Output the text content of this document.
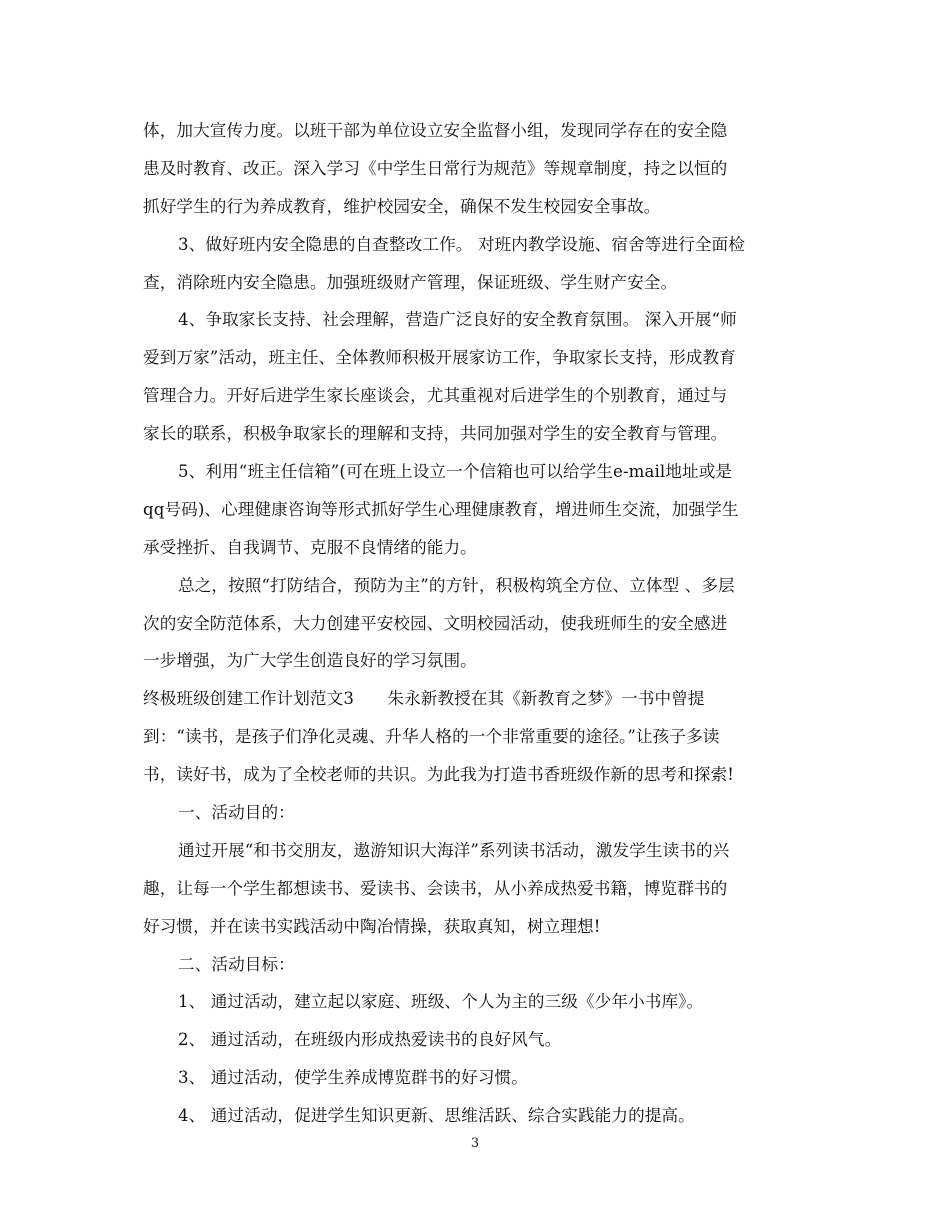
体，加大宣传力度。以班干部为单位设立安全监督小组，发现同学存在的安全隐
患及时教育、改正。深入学习《中学生日常行为规范》等规章制度，持之以恒的
抓好学生的行为养成教育，维护校园安全，确保不发生校园安全事故。
3、做好班内安全隐患的自查整改工作。 对班内教学设施、宿舍等进行全面检
查，消除班内安全隐患。加强班级财产管理，保证班级、学生财产安全。
4、争取家长支持、社会理解，营造广泛良好的安全教育氛围。 深入开展“师
爱到万家”活动，班主任、全体教师积极开展家访工作，争取家长支持，形成教育
管理合力。开好后进学生家长座谈会，尤其重视对后进学生的个别教育，通过与
家长的联系，积极争取家长的理解和支持，共同加强对学生的安全教育与管理。
5、利用“班主任信箱”(可在班上设立一个信箱也可以给学生e-mail地址或是
qq号码)、心理健康咨询等形式抓好学生心理健康教育，增进师生交流，加强学生
承受挫折、自我调节、克服不良情绪的能力。
总之，按照“打防结合，预防为主”的方针，积极构筑全方位、立体型 、多层
次的安全防范体系，大力创建平安校园、文明校园活动，使我班师生的安全感进
一步增强，为广大学生创造良好的学习氛围。
终极班级创建工作计划范文3　　朱永新教授在其《新教育之梦》一书中曾提
到：“读书，是孩子们净化灵魂、升华人格的一个非常重要的途径。”让孩子多读
书，读好书，成为了全校老师的共识。为此我为打造书香班级作新的思考和探索!
一、活动目的：
通过开展“和书交朋友，遨游知识大海洋”系列读书活动，激发学生读书的兴
趣，让每一个学生都想读书、爱读书、会读书，从小养成热爱书籍，博览群书的
好习惯，并在读书实践活动中陶冶情操，获取真知，树立理想!
二、活动目标：
1、 通过活动，建立起以家庭、班级、个人为主的三级《少年小书库》。
2、 通过活动，在班级内形成热爱读书的良好风气。
3、 通过活动，使学生养成博览群书的好习惯。
4、 通过活动，促进学生知识更新、思维活跃、综合实践能力的提高。
3
